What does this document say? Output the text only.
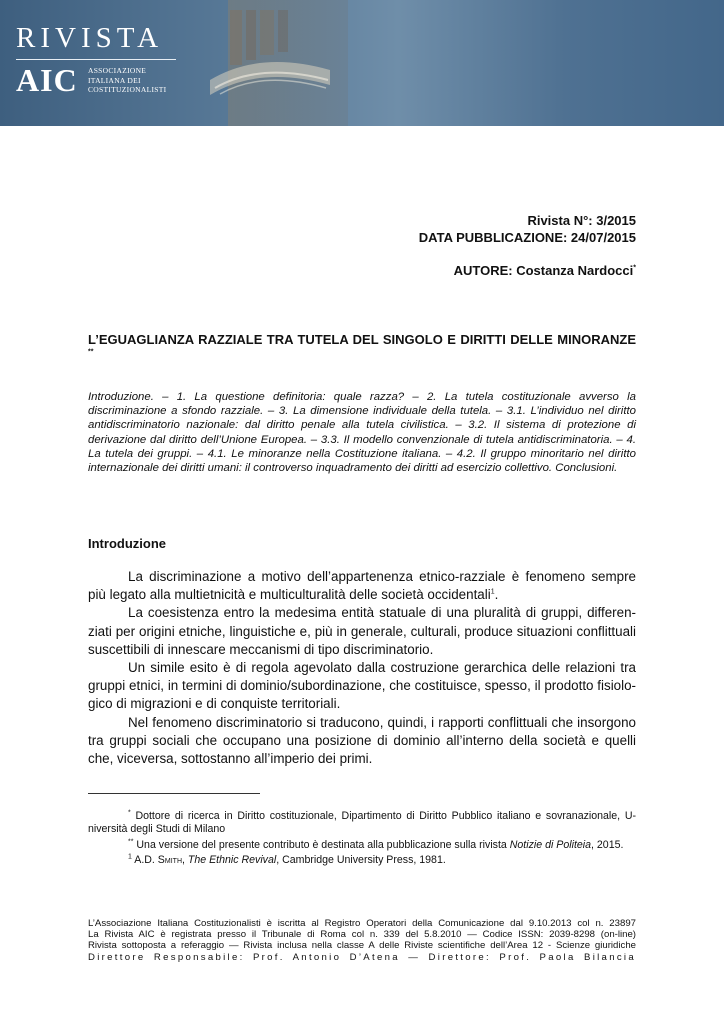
RIVISTA
AIC ASSOCIAZIONE
ITALIANA DEI
COSTITUZIONALISTI
Rivista N°: 3/2015
DATA PUBBLICAZIONE: 24/07/2015
AUTORE: Costanza Nardocci*
L’EGUAGLIANZA RAZZIALE TRA TUTELA DEL SINGOLO E DIRITTI DELLE MINORANZE **
Introduzione. – 1. La questione definitoria: quale razza? – 2. La tutela costituzionale avverso la discriminazione a sfondo razziale. – 3. La dimensione individuale della tutela. – 3.1. L’individuo nel diritto antidiscriminatorio nazionale: dal diritto penale alla tutela civilistica. – 3.2. Il sistema di protezione di derivazione dal diritto dell’Unione Europea. – 3.3. Il modello convenzionale di tutela antidiscriminatoria. – 4. La tutela dei gruppi. – 4.1. Le minoranze nella Costituzione italiana. – 4.2. Il gruppo minoritario nel diritto internazionale dei diritti umani: il controverso inquadramento dei diritti ad esercizio collettivo. Conclusioni.
Introduzione

La discriminazione a motivo dell’appartenenza etnico-razziale è fenomeno sempre più legato alla multietnicità e multiculturalità delle società occidentali$^1$.

La coesistenza entro la medesima entità statuale di una pluralità di gruppi, differen-ziati per origini etniche, linguistiche e, più in generale, culturali, produce situazioni conflittuali suscettibili di innescare meccanismi di tipo discriminatorio.

Un simile esito è di regola agevolato dalla costruzione gerarchica delle relazioni tra gruppi etnici, in termini di dominio/subordinazione, che costituisce, spesso, il prodotto fisiolo-gico di migrazioni e di conquiste territoriali.

Nel fenomeno discriminatorio si traducono, quindi, i rapporti conflittuali che insorgono tra gruppi sociali che occupano una posizione di dominio all’interno della società e quelli che, viceversa, sottostanno all’imperio dei primi.

* Dottore di ricerca in Diritto costituzionale, Dipartimento di Diritto Pubblico italiano e sovranazionale, U-niversità degli Studi di Milano

** Una versione del presente contributo è destinata alla pubblicazione sulla rivista Notizie di Politeia, 2015.

$^1$ A.D. Smith, The Ethnic Revival, Cambridge University Press, 1981.

L’Associazione Italiana Costituzionalisti è iscritta al Registro Operatori della Comunicazione dal 9.10.2013 col n. 23897
La Rivista AIC è registrata presso il Tribunale di Roma col n. 339 del 5.8.2010 — Codice ISSN: 2039-8298 (on-line)
Rivista sottoposta a referaggio — Rivista inclusa nella classe A delle Riviste scientifiche dell’Area 12 - Scienze giuridiche
Direttore Responsabile: Prof. Antonio D’Atena — Direttore: Prof. Paola Bilancia
